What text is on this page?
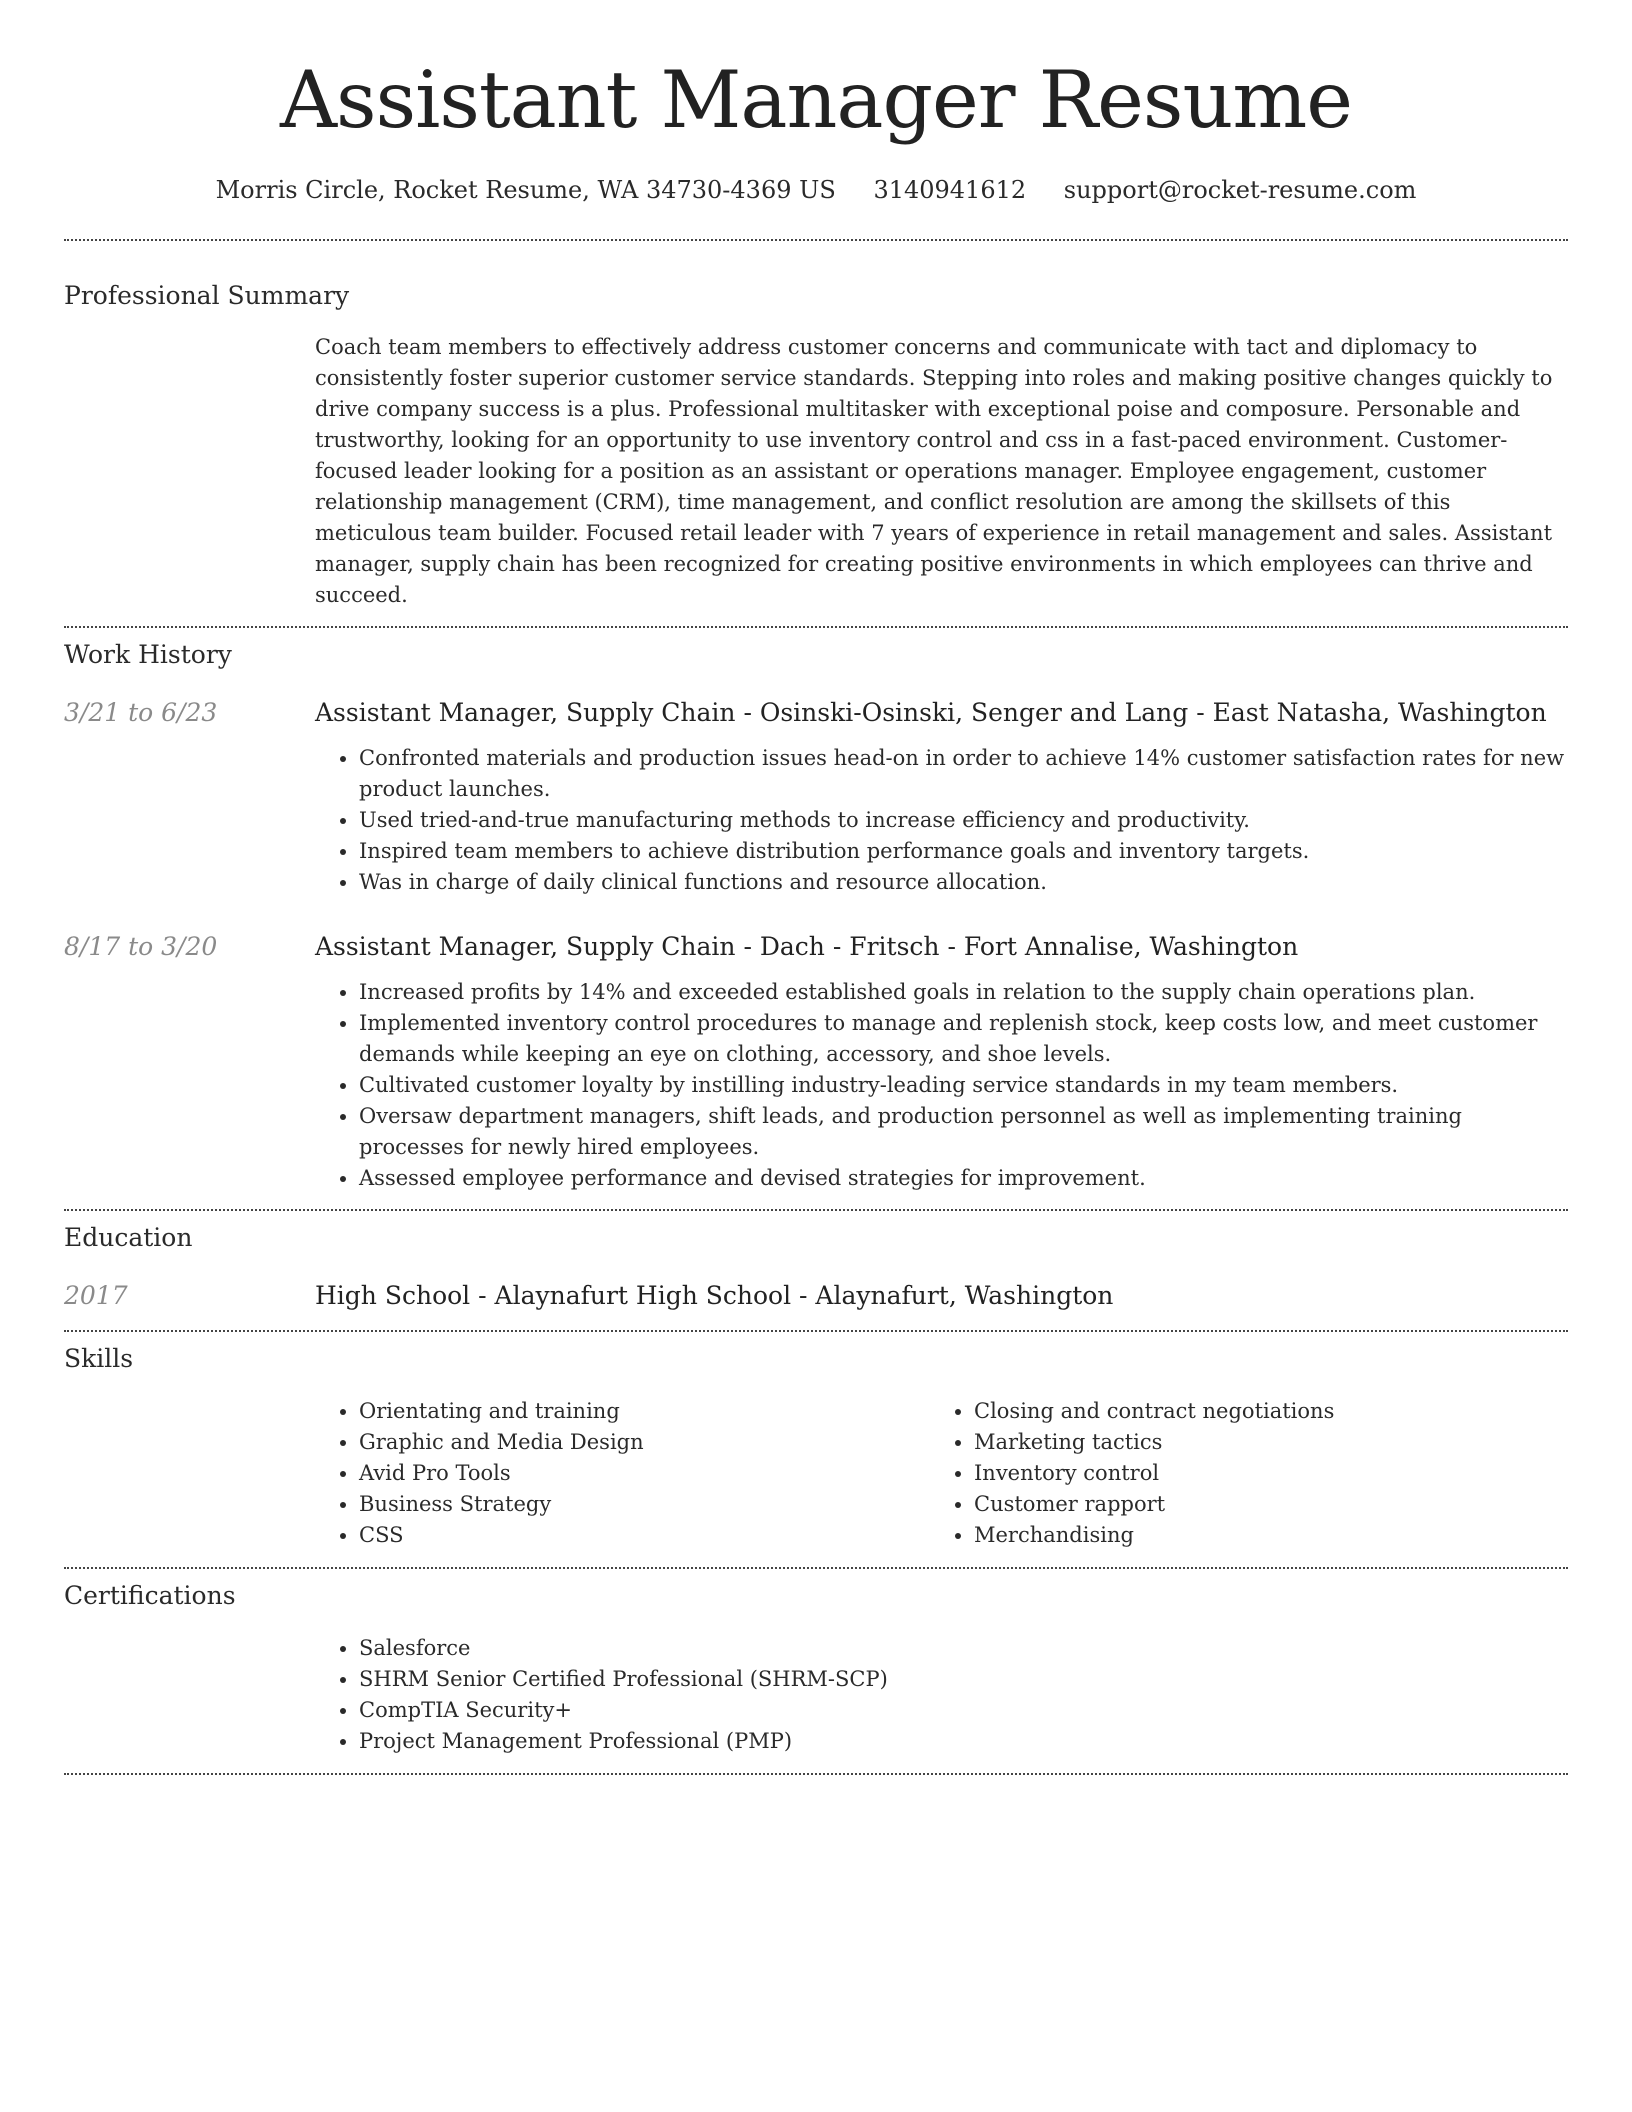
Assistant Manager Resume
Morris Circle, Rocket Resume, WA 34730-4369 US 3140941612 support@rocket-resume.com
Professional Summary

Coach team members to effectively address customer concerns and communicate with tact and diplomacy to consistently foster superior customer service standards. Stepping into roles and making positive changes quickly to drive company success is a plus. Professional multitasker with exceptional poise and composure. Personable and trustworthy, looking for an opportunity to use inventory control and css in a fast-paced environment. Customer-focused leader looking for a position as an assistant or operations manager. Employee engagement, customer relationship management (CRM), time management, and conflict resolution are among the skillsets of this meticulous team builder. Focused retail leader with 7 years of experience in retail management and sales. Assistant manager, supply chain has been recognized for creating positive environments in which employees can thrive and succeed.

Work History
3/21 to 6/23	Assistant Manager, Supply Chain - Osinski-Osinski, Senger and Lang - East Natasha, Washington
• Confronted materials and production issues head-on in order to achieve 14% customer satisfaction rates for new product launches.
• Used tried-and-true manufacturing methods to increase efficiency and productivity.
• Inspired team members to achieve distribution performance goals and inventory targets.
• Was in charge of daily clinical functions and resource allocation.
8/17 to 3/20	Assistant Manager, Supply Chain - Dach - Fritsch - Fort Annalise, Washington
• Increased profits by 14% and exceeded established goals in relation to the supply chain operations plan.
• Implemented inventory control procedures to manage and replenish stock, keep costs low, and meet customer demands while keeping an eye on clothing, accessory, and shoe levels.
• Cultivated customer loyalty by instilling industry-leading service standards in my team members.
• Oversaw department managers, shift leads, and production personnel as well as implementing training processes for newly hired employees.
• Assessed employee performance and devised strategies for improvement.
Education
2017	High School - Alaynafurt High School - Alaynafurt, Washington
Skills
• Orientating and training
• Graphic and Media Design
• Avid Pro Tools
• Business Strategy
• CSS
• Closing and contract negotiations
• Marketing tactics
• Inventory control
• Customer rapport
• Merchandising
Certifications
• Salesforce
• SHRM Senior Certified Professional (SHRM-SCP)
• CompTIA Security+
• Project Management Professional (PMP)
